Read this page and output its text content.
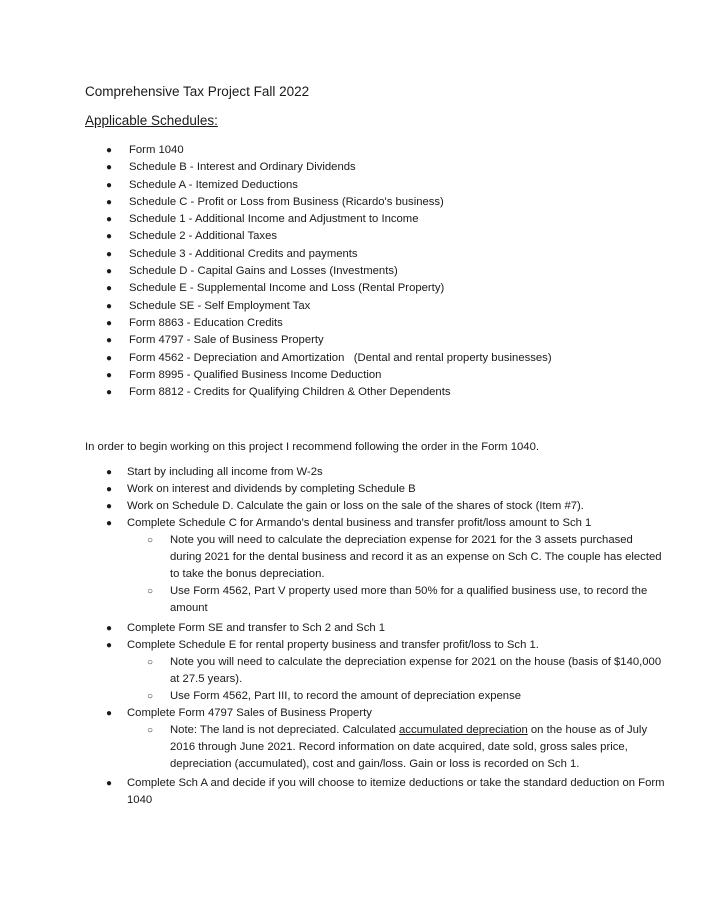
Comprehensive Tax Project Fall 2022
Applicable Schedules:
● Form 1040
● Schedule B - Interest and Ordinary Dividends
● Schedule A - Itemized Deductions
● Schedule C - Profit or Loss from Business (Ricardo's business)
● Schedule 1 - Additional Income and Adjustment to Income
● Schedule 2 - Additional Taxes
● Schedule 3 - Additional Credits and payments
● Schedule D - Capital Gains and Losses (Investments)
● Schedule E - Supplemental Income and Loss (Rental Property)
● Schedule SE - Self Employment Tax
● Form 8863 - Education Credits
● Form 4797 - Sale of Business Property
● Form 4562 - Depreciation and Amortization   (Dental and rental property businesses)
● Form 8995 - Qualified Business Income Deduction
● Form 8812 - Credits for Qualifying Children & Other Dependents
In order to begin working on this project I recommend following the order in the Form 1040.
● Start by including all income from W-2s
● Work on interest and dividends by completing Schedule B
● Work on Schedule D. Calculate the gain or loss on the sale of the shares of stock (Item #7).
● Complete Schedule C for Armando's dental business and transfer profit/loss amount to Sch 1
○ Note you will need to calculate the depreciation expense for 2021 for the 3 assets purchased during 2021 for the dental business and record it as an expense on Sch C. The couple has elected to take the bonus depreciation.
○ Use Form 4562, Part V property used more than 50% for a qualified business use, to record the amount
● Complete Form SE and transfer to Sch 2 and Sch 1
● Complete Schedule E for rental property business and transfer profit/loss to Sch 1.
○ Note you will need to calculate the depreciation expense for 2021 on the house (basis of $140,000 at 27.5 years).
○ Use Form 4562, Part III, to record the amount of depreciation expense
● Complete Form 4797 Sales of Business Property
○ Note: The land is not depreciated. Calculated accumulated depreciation on the house as of July 2016 through June 2021. Record information on date acquired, date sold, gross sales price, depreciation (accumulated), cost and gain/loss. Gain or loss is recorded on Sch 1.
● Complete Sch A and decide if you will choose to itemize deductions or take the standard deduction on Form 1040
